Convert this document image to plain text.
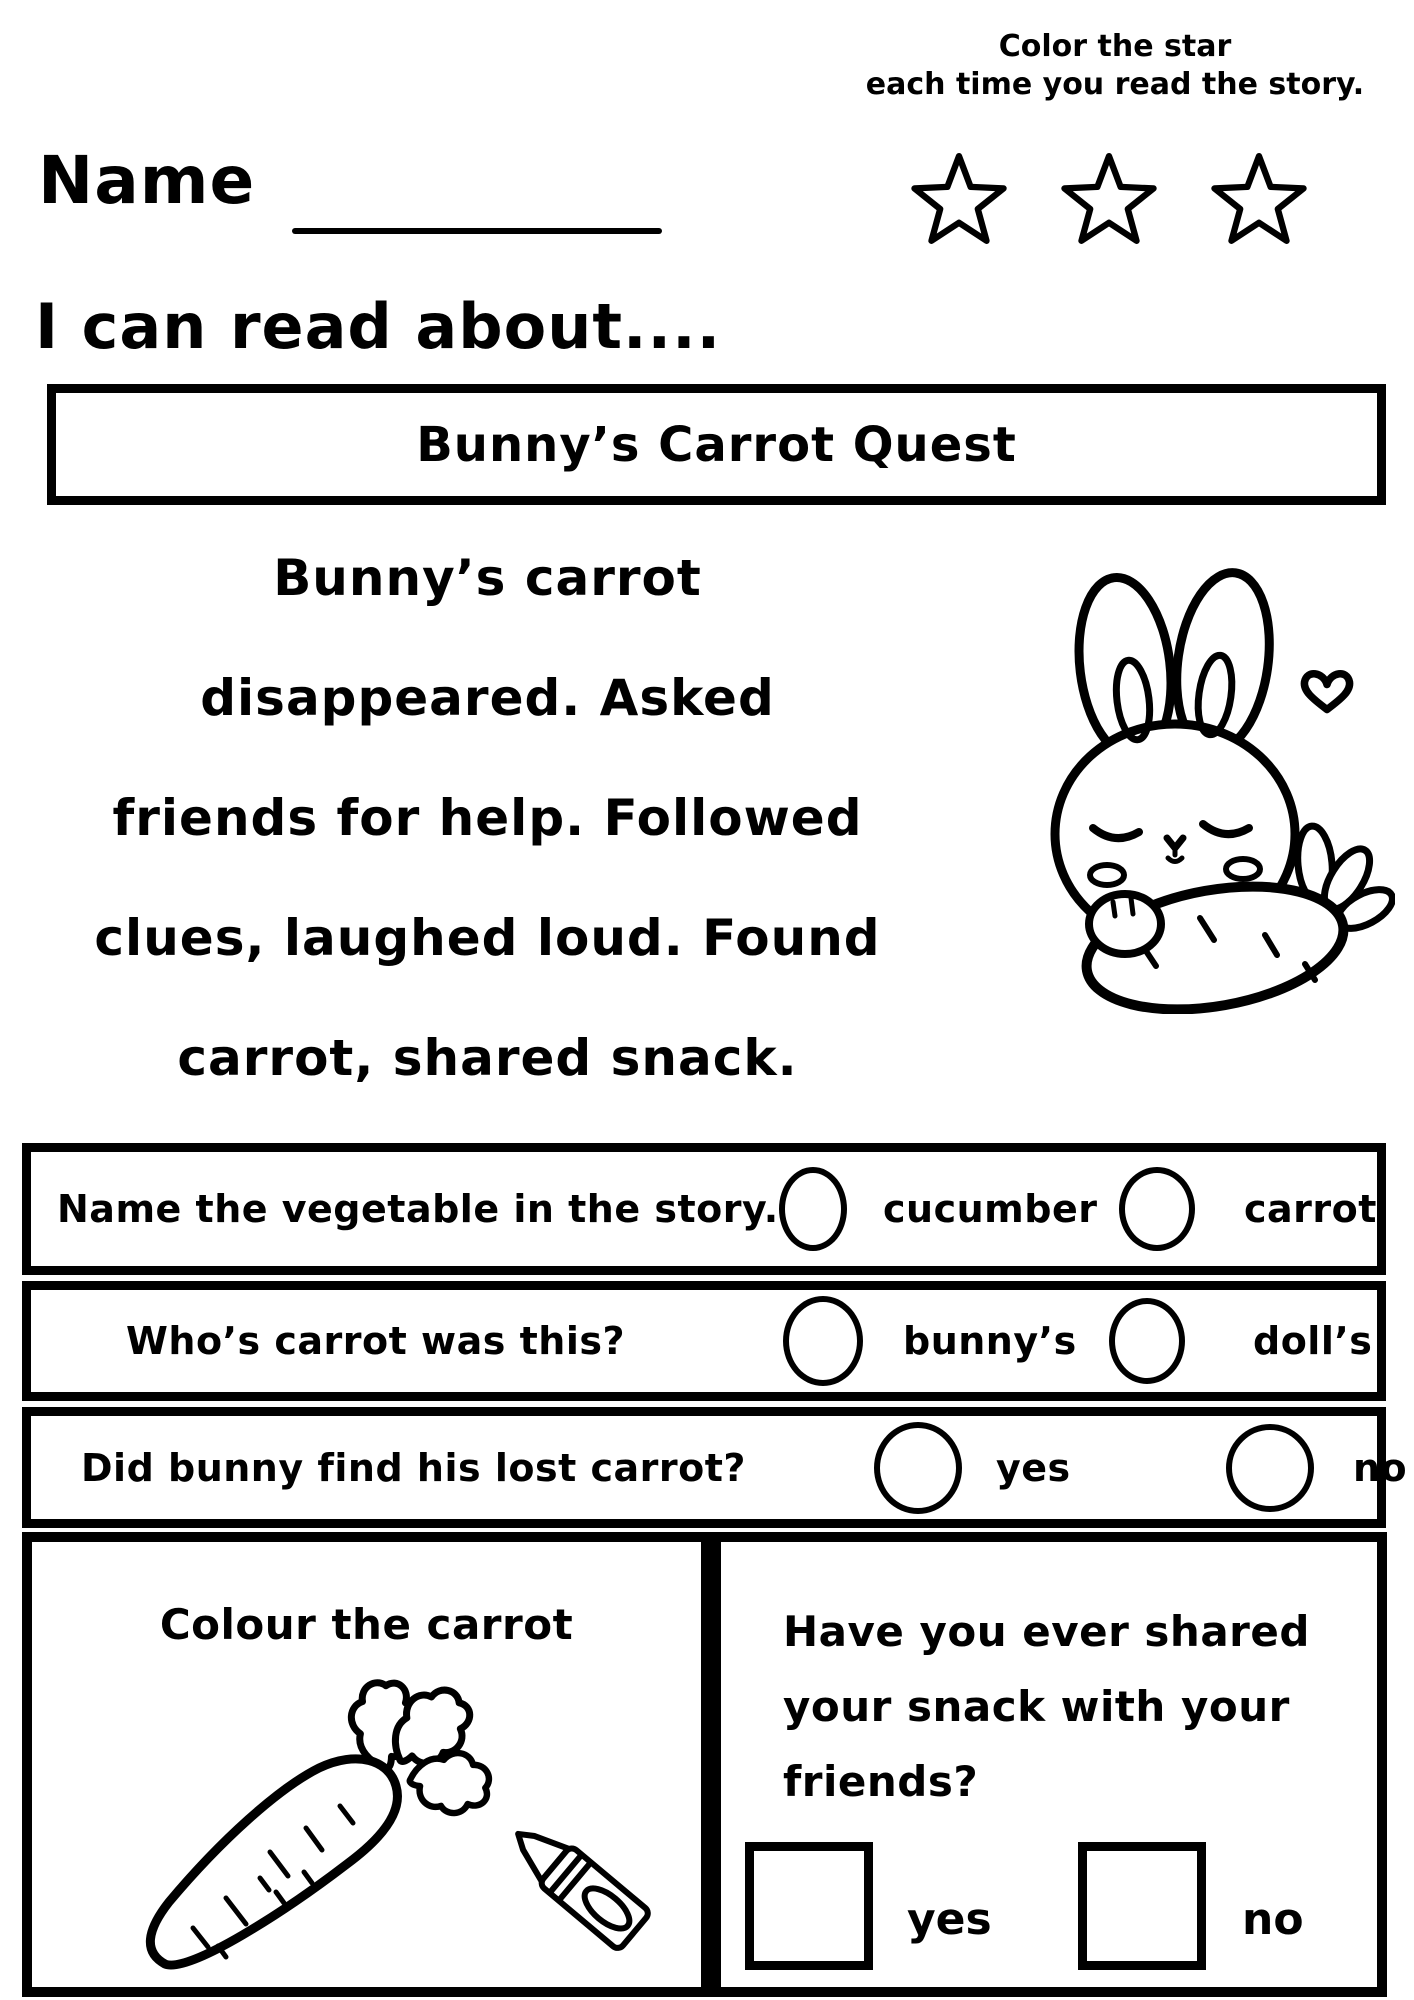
Name
Color the star
each time you read the story.
I can read about....
Bunny’s Carrot Quest
Bunny’s carrot
disappeared. Asked
friends for help. Followed
clues, laughed loud. Found
carrot, shared snack.
Name the vegetable in the story.	cucumber	carrot
Who’s carrot was this?	bunny’s	doll’s
Did bunny find his lost carrot?	yes	no
Colour the carrot	Have you ever shared your snack with your friends?
yes	no
